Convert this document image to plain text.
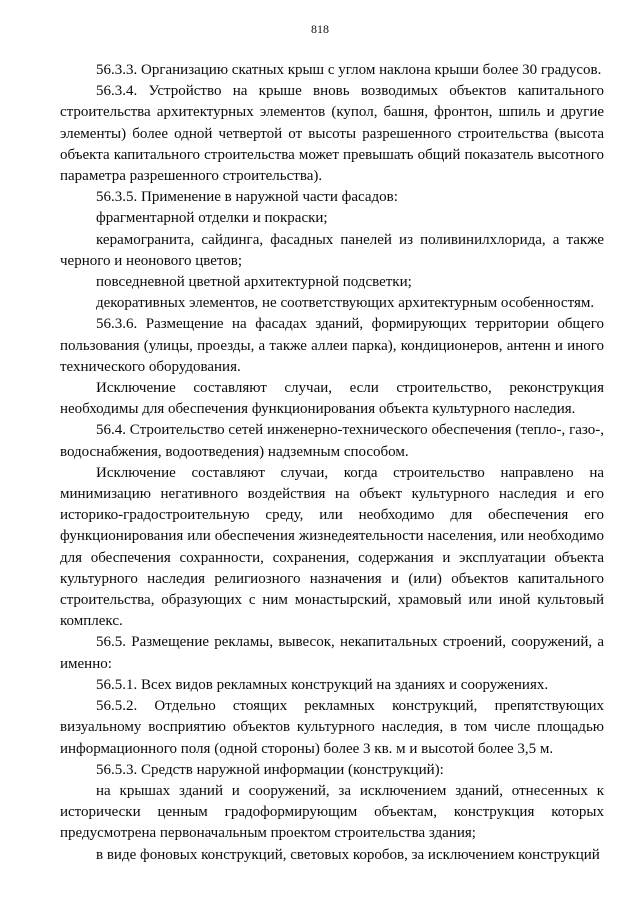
818

56.3.3. Организацию скатных крыш с углом наклона крыши более 30 градусов.

56.3.4. Устройство на крыше вновь возводимых объектов капитального строительства архитектурных элементов (купол, башня, фронтон, шпиль и другие элементы) более одной четвертой от высоты разрешенного строительства (высота объекта капитального строительства может превышать общий показатель высотного параметра разрешенного строительства).

56.3.5. Применение в наружной части фасадов:

фрагментарной отделки и покраски;

керамогранита, сайдинга, фасадных панелей из поливинилхлорида, а также черного и неонового цветов;

повседневной цветной архитектурной подсветки;

декоративных элементов, не соответствующих архитектурным особенностям.

56.3.6. Размещение на фасадах зданий, формирующих территории общего пользования (улицы, проезды, а также аллеи парка), кондиционеров, антенн и иного технического оборудования.

Исключение составляют случаи, если строительство, реконструкция необходимы для обеспечения функционирования объекта культурного наследия.

56.4. Строительство сетей инженерно-технического обеспечения (тепло-, газо-, водоснабжения, водоотведения) надземным способом.

Исключение составляют случаи, когда строительство направлено на минимизацию негативного воздействия на объект культурного наследия и его историко-градостроительную среду, или необходимо для обеспечения его функционирования или обеспечения жизнедеятельности населения, или необходимо для обеспечения сохранности, сохранения, содержания и эксплуатации объекта культурного наследия религиозного назначения и (или) объектов капитального строительства, образующих с ним монастырский, храмовый или иной культовый комплекс.

56.5. Размещение рекламы, вывесок, некапитальных строений, сооружений, а именно:

56.5.1. Всех видов рекламных конструкций на зданиях и сооружениях.

56.5.2. Отдельно стоящих рекламных конструкций, препятствующих визуальному восприятию объектов культурного наследия, в том числе площадью информационного поля (одной стороны) более 3 кв. м и высотой более 3,5 м.

56.5.3. Средств наружной информации (конструкций):

на крышах зданий и сооружений, за исключением зданий, отнесенных к исторически ценным градоформирующим объектам, конструкция которых предусмотрена первоначальным проектом строительства здания;

в виде фоновых конструкций, световых коробов, за исключением конструкций
